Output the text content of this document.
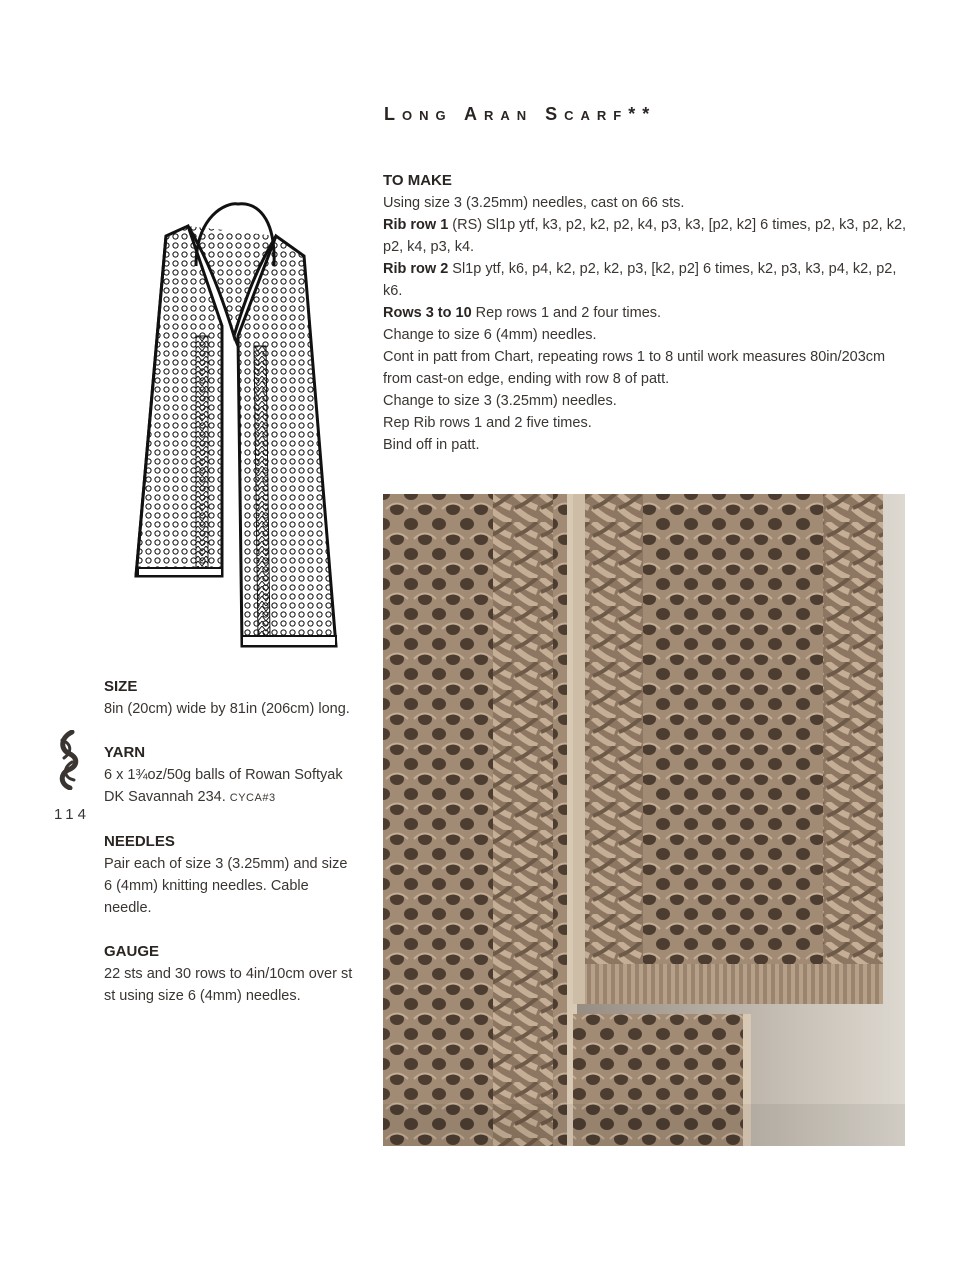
Long Aran Scarf**
TO MAKE

Using size 3 (3.25mm) needles, cast on 66 sts.

Rib row 1 (RS) Sl1p ytf, k3, p2, k2, p2, k4, p3, k3, [p2, k2] 6 times, p2, k3, p2, k2, p2, k4, p3, k4.

Rib row 2 Sl1p ytf, k6, p4, k2, p2, k2, p3, [k2, p2] 6 times, k2, p3, k3, p4, k2, p2, k6.

Rows 3 to 10 Rep rows 1 and 2 four times.

Change to size 6 (4mm) needles.

Cont in patt from Chart, repeating rows 1 to 8 until work measures 80in/203cm from cast-on edge, ending with row 8 of patt.

Change to size 3 (3.25mm) needles.

Rep Rib rows 1 and 2 five times.

Bind off in patt.

114
SIZE

8in (20cm) wide by 81in (206cm) long.

YARN

6 x 1¾oz/50g balls of Rowan Softyak DK Savannah 234. CYCA#3

NEEDLES

Pair each of size 3 (3.25mm) and size 6 (4mm) knitting needles. Cable needle.

GAUGE

22 sts and 30 rows to 4in/10cm over st st using size 6 (4mm) needles.
